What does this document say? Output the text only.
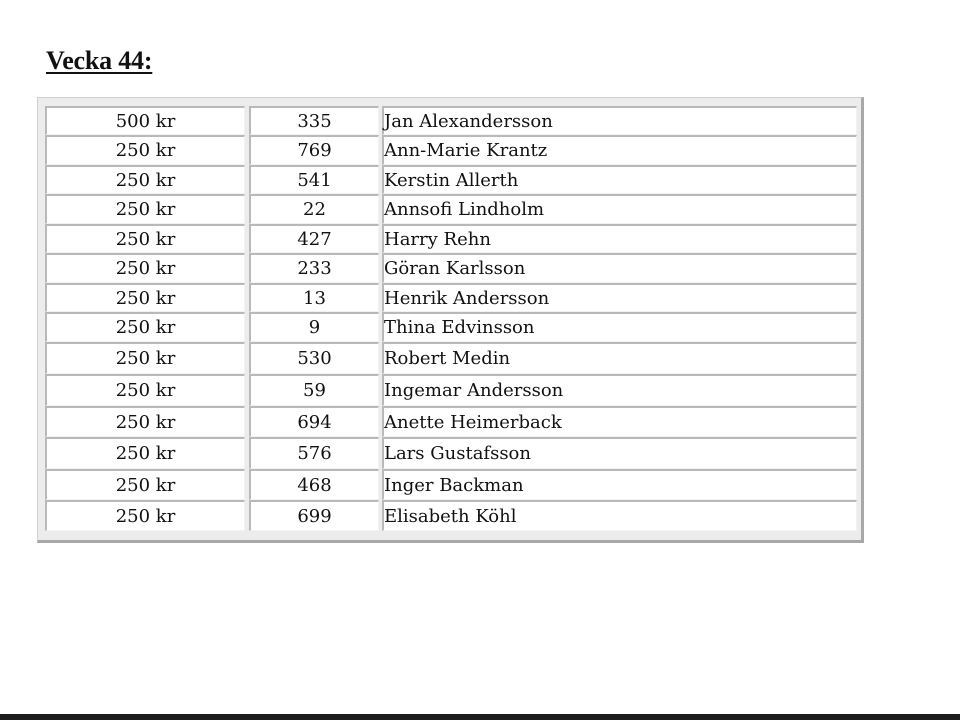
Vecka 44:
500 kr		335		Jan Alexandersson
250 kr		769		Ann-Marie Krantz
250 kr		541		Kerstin Allerth
250 kr		22		Annsofi Lindholm
250 kr		427		Harry Rehn
250 kr		233		Göran Karlsson
250 kr		13		Henrik Andersson
250 kr		9		Thina Edvinsson
250 kr		530		Robert Medin
250 kr		59		Ingemar Andersson
250 kr		694		Anette Heimerback
250 kr		576		Lars Gustafsson
250 kr		468		Inger Backman
250 kr		699		Elisabeth Köhl
